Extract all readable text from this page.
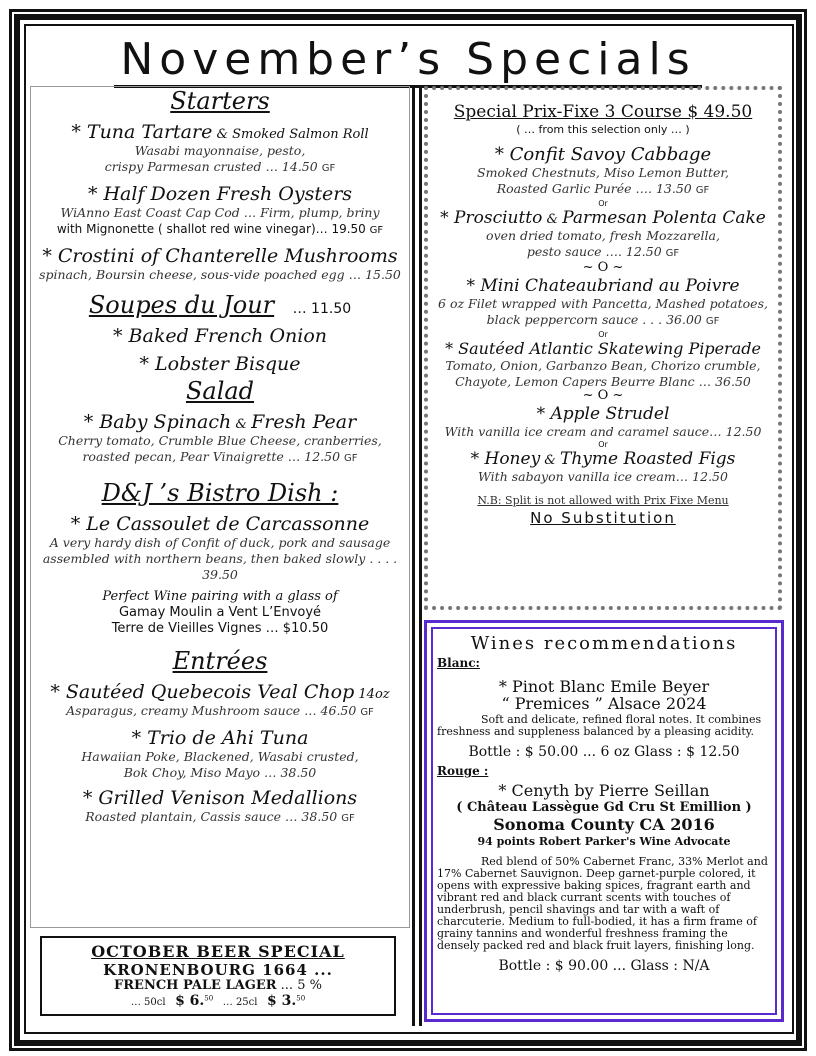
November’s Specials
Starters
* Tuna Tartare & Smoked Salmon Roll
Wasabi mayonnaise, pesto,
crispy Parmesan crusted … 14.50 GF
* Half Dozen Fresh Oysters
WiAnno East Coast Cap Cod … Firm, plump, briny
with Mignonette ( shallot red wine vinegar)… 19.50 GF
* Crostini of Chanterelle Mushrooms
spinach, Boursin cheese, sous-vide poached egg … 15.50
Soupes du Jour … 11.50
* Baked French Onion
* Lobster Bisque
Salad
* Baby Spinach & Fresh Pear
Cherry tomato, Crumble Blue Cheese, cranberries,
roasted pecan, Pear Vinaigrette … 12.50 GF
D&J ’s Bistro Dish :
* Le Cassoulet de Carcassonne
A very hardy dish of Confit of duck, pork and sausage
assembled with northern beans, then baked slowly . . . . 39.50
Perfect Wine pairing with a glass of
Gamay Moulin a Vent L’Envoyé
Terre de Vieilles Vignes … $10.50
Entrées
* Sautéed Quebecois Veal Chop 14oz
Asparagus, creamy Mushroom sauce … 46.50 GF
* Trio de Ahi Tuna
Hawaiian Poke, Blackened, Wasabi crusted,
Bok Choy, Miso Mayo … 38.50
* Grilled Venison Medallions
Roasted plantain, Cassis sauce … 38.50 GF
OCTOBER BEER SPECIAL
KRONENBOURG 1664 ...
FRENCH PALE LAGER ... 5 %
… 50cl $ 6.50 … 25cl $ 3.50
Special Prix-Fixe 3 Course $ 49.50
( … from this selection only … )
* Confit Savoy Cabbage
Smoked Chestnuts, Miso Lemon Butter,
Roasted Garlic Purée …. 13.50 GF
Or
* Prosciutto & Parmesan Polenta Cake
oven dried tomato, fresh Mozzarella,
pesto sauce …. 12.50 GF
~ O ~
* Mini Chateaubriand au Poivre
6 oz Filet wrapped with Pancetta, Mashed potatoes,
black peppercorn sauce . . . 36.00 GF
Or
* Sautéed Atlantic Skatewing Piperade
Tomato, Onion, Garbanzo Bean, Chorizo crumble,
Chayote, Lemon Capers Beurre Blanc … 36.50
~ O ~
* Apple Strudel
With vanilla ice cream and caramel sauce… 12.50
Or
* Honey & Thyme Roasted Figs
With sabayon vanilla ice cream… 12.50
N.B: Split is not allowed with Prix Fixe Menu
No Substitution
Wines recommendations
Blanc:
* Pinot Blanc Emile Beyer
“ Premices ” Alsace 2024
Soft and delicate, refined floral notes. It combines freshness and suppleness balanced by a pleasing acidity.
Bottle : $ 50.00 ... 6 oz Glass : $ 12.50
Rouge :
* Cenyth by Pierre Seillan
( Château Lassègue Gd Cru St Emillion )
Sonoma County CA 2016
94 points Robert Parker's Wine Advocate
Red blend of 50% Cabernet Franc, 33% Merlot and 17% Cabernet Sauvignon. Deep garnet-purple colored, it opens with expressive baking spices, fragrant earth and vibrant red and black currant scents with touches of underbrush, pencil shavings and tar with a waft of charcuterie. Medium to full-bodied, it has a firm frame of grainy tannins and wonderful freshness framing the densely packed red and black fruit layers, finishing long.
Bottle : $ 90.00 ... Glass : N/A
